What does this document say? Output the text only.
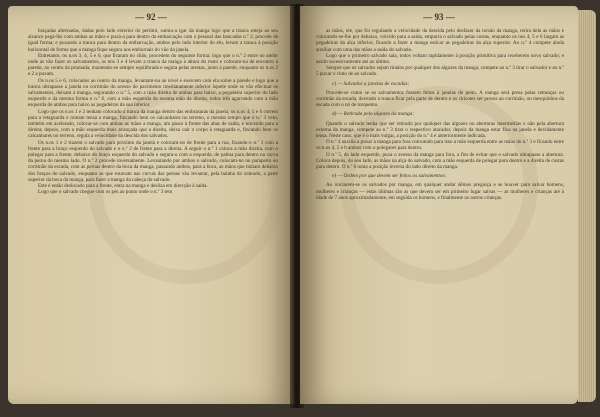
— 92 —

braçadas alternadas, dadas pelo lado exterior do petrimi, sumiu-a igar da manga logo que a tranca esteja ao seu alcance pegá-lhe com ambas as mãos e puxá-a para dentro da embarcação com o pessoal das bancadas n.º 2, procede de igual forma; e puxando a tranca para dentro da embarcação, ambos pelo lado interior do elo, levam a tranca à posição horizontal de forma que a manga fique segura nos embornais do vão da janela.

Entretanto, os n.os 3, 4, 5 e 6, que ficaram no chão, procedem do seguinte forma: logo que o n.º 2 entre no andor onde as vão fazer os salvamentos, os nos 3 e 4 levam a tranca da manga à altura do rosto e colocam-na de encontro à parede, ao centro da prumada, mantendo-se sempre equilibrada e segura pelas arestas, junto à parede, enquanto os n.os 2 e 2 a puxam.

Os n.os 5 e 6, colocados ao centro da manga, levantam-na ao nível e exercem com ela sobre a parede e logo que a tranca ultrapasse a janela ou corrimão do acesso do pavimento imediatamente inferior àquele onde se vão efectuar os salvamentos, deixam a manga, segurando o n.º 5, com a mão direita de ambas para baixo, a pegadeira superior do lado esquerdo e da mesma forma o n.º 6, com a mão esquerda da mesma mão da direita, todos três agarrando com a mão esquerda de ambas para baixo as pegadeiras da sua inferior.

Logo que os n.os 1 e 2 tenham colocado a tranca da manga dentro das embrasuras da janela, os n.os 4, 5 e 6 correm para a retaguarda e tomam tensa a manga, fincando bem os calcanhares no terreno, o mesmo tempo que o n.º 3 vem, também em acelerado, colocar-se com ambas as mãos a manga, um passo à frente das abas de saída, e torcendo para a direita; depois, com a mão esquerda mais avançada que a direita, deixa cair o corpo à retaguarda e, fincando bem os calcanhares no terreno, regula a velocidade da descida dos salvados.

Os n.os 1 e 2 trazem o salvado para próximo da janela e colocam-no de frente para a rua, fixando-o n.º 1 com a frente para a braço esquerdo do salvado e o n.º 2 de frente para a direita. A seguir o n.º 1 coloca a mão direita, com o polegar para a frente, debaixo do braço esquerdo do salvado e segura-o com a esquerda, de palma para dentro na curva da perna do mesmo lado. O n.º 2 procede inversamente. Levantando por ambos o salvado, colocam-no no parapeito ou corrimão da escada, com as pernas dentro da boca da manga, passando ambos, para a boca, as mãos que tinham debaixo dos braços do salvado, enquanto as que estavam nas curvas das pernas vão levantar, pela bainha do sobrado, a parte superior da boca da manga, para fazer a manga da cabeça do salvado.

Este é então deslocado para a frente, entra na manga e desliza em direcção à saída.

Logo que o salvado chegue com os pés ao ponto onde o n.º 3 tem

— 93 —

as mãos, ele, que foi regulando a velocidade da descida pelo desfazer da torsão da manga, retira dela as mãos e colocando-se-lhe por debaixo, volvido para a saída, empurra o salvado pelas costas, enquanto os nos 4, 5 e 6 largam as pegadeiras da alça inferior, ficando a fazer a manga esticar as pegadeiras da alça superior. Ao n.º 4 compete ainda auxiliar com uma das mãos a saída do salvado.

Logo que o primeiro salvado saia, todos voltam rapidamente à posição primitiva para receberem novo salvado; e assim sucessivamente até ao último.

Sempre que os salvados sejam tirados por qualquer dos algozes da manga, compete ao n.º 3 tirar o salvador e ao n.º 5 puxar o cinto de ao salvado.

c) — Salvados a janelas de escadas:

Procede-se como se os salvamentos fossem feitos à janelas de peito. A manga será presa pelas retranças ou corrimão da escada, devendo a tranca ficar pela parte de dentro e os chicotes ser presos ao corrimão, ou mesquinhos da escada com o nó de torquemo.

d) — Retirada pelo algozes da manga:

Quando o salvado tenha que ser retirado por qualquer das algozes ou aberturas intermédias e não pela abertura externa da manga, compete ao n.º 3 tirar o respectivo atacador, depois da manga estar fixa na janela e devidamente tensa. Neste caso, que é o mais vulgar, a posição do n.º 4 é anteriormente indicada.

O n.º 4 auxilia a puxar a manga para fora colocando para isso a mão esquerda entre as mãos do n.º 3 e ficando entre os n.os 4, 5 e 6 ambos com o polegares para dentro.

O n.º 5, do lado esquerdo, puxa o avesso da manga para fora, a fim de evitar que o salvado ultrapasse a abertura. Coloca depois, do seu lado, as mãos na alça do salvado, com a mão esquerda de polegar para dentro e a direita de costas para dentro. O n.º 6 toma a posição inversa do lado direito da manga.

e) — Ordem por que devem ser feitos os salvamentos:

Ao iniciarem-se os salvados por manga, em qualquer andar dêmos preguiça e se houver para salvar homens, mulheres e crianças — estas últimas são as que devem ser em primeiro lugar salvas — as mulheres e crianças até à idade de 7 anos aproximadamente, em seguida os homens, e finalmente os outros crianças.
